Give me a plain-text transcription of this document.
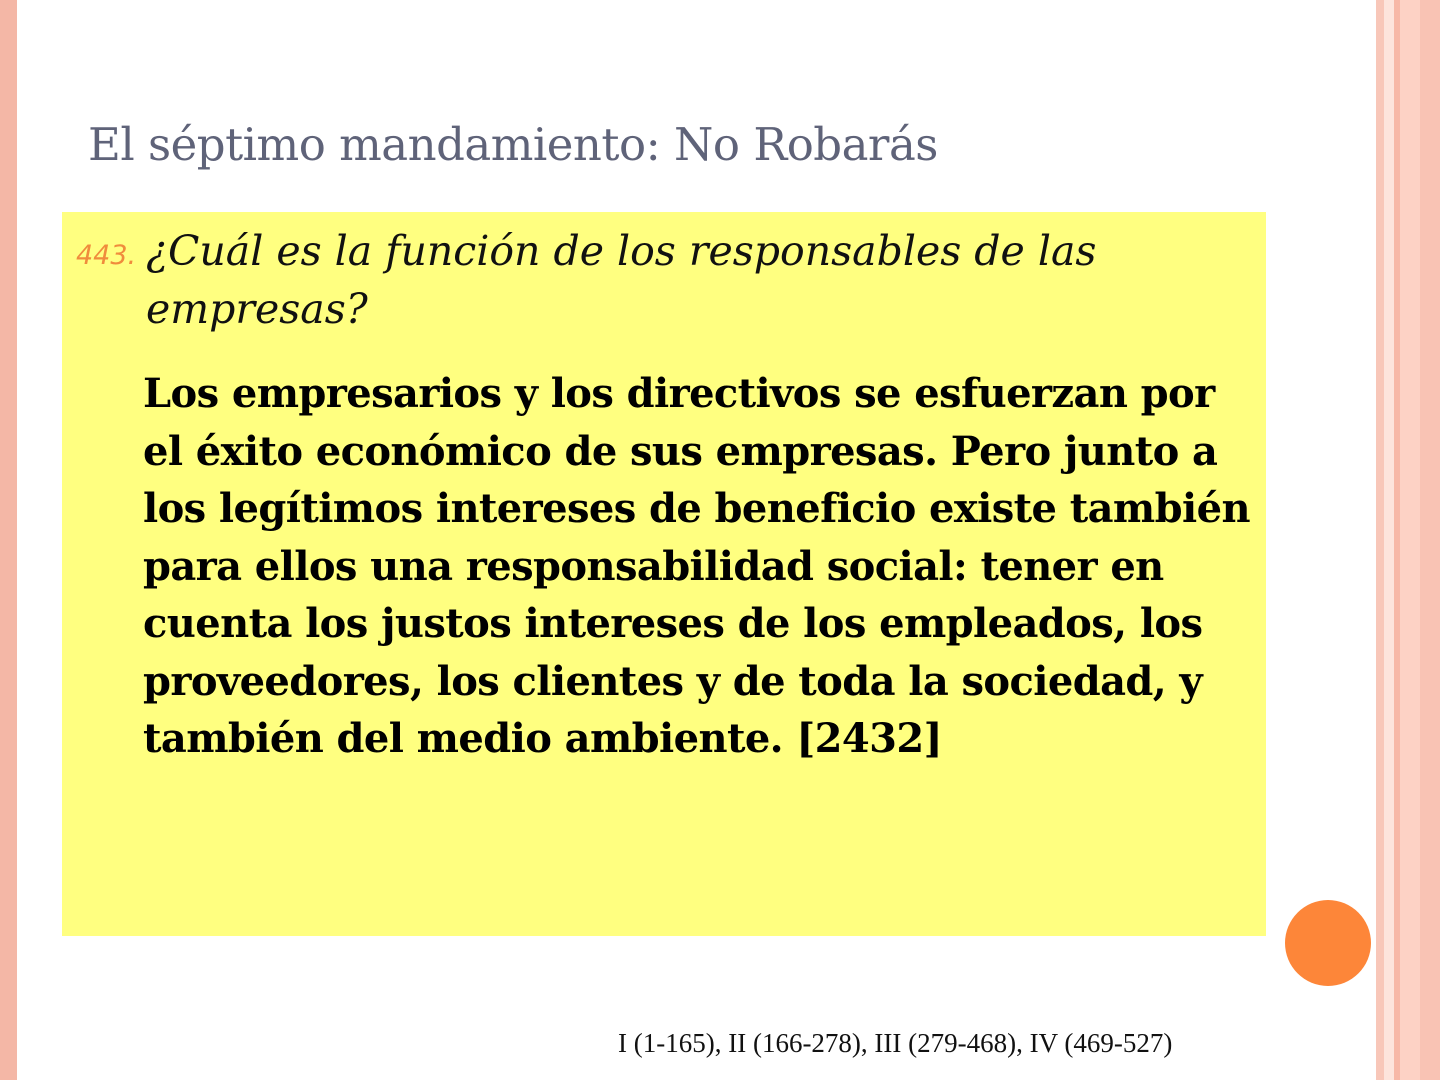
El séptimo mandamiento: No Robarás
443. ¿Cuál es la función de los responsables de las empresas?

Los empresarios y los directivos se esfuerzan por el éxito económico de sus empresas. Pero junto a los legítimos intereses de beneficio existe también para ellos una responsabilidad social: tener en cuenta los justos intereses de los empleados, los proveedores, los clientes y de toda la sociedad, y también del medio ambiente. [2432]

I (1-165), II (166-278), III (279-468), IV (469-527)
